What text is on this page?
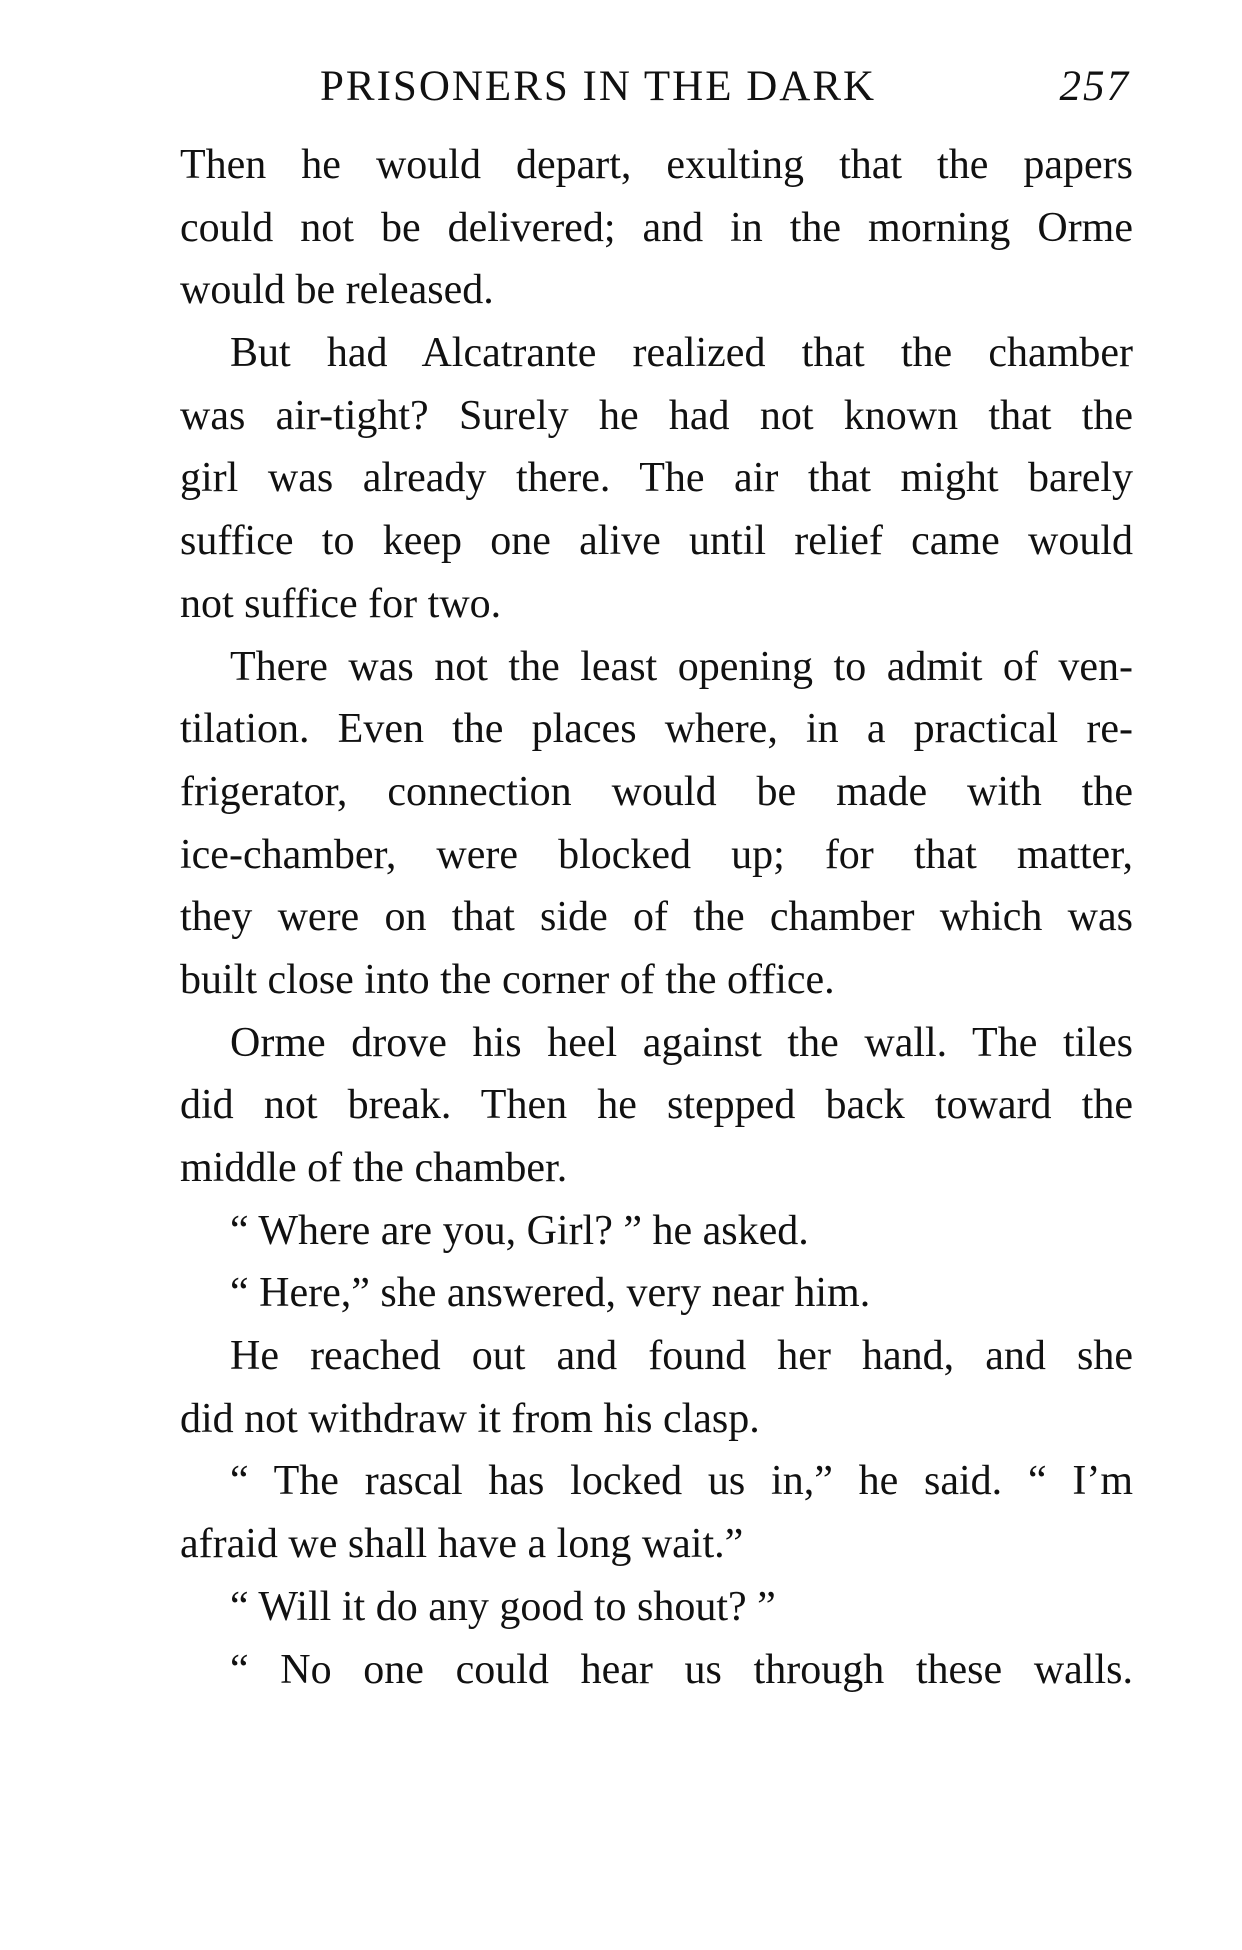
PRISONERS IN THE DARK	257
Then he would depart, exulting that the papers
could not be delivered; and in the morning Orme
would be released.
But had Alcatrante realized that the chamber
was air-tight? Surely he had not known that the
girl was already there. The air that might barely
suffice to keep one alive until relief came would
not suffice for two.
There was not the least opening to admit of ven-
tilation. Even the places where, in a practical re-
frigerator, connection would be made with the
ice-chamber, were blocked up; for that matter,
they were on that side of the chamber which was
built close into the corner of the office.
Orme drove his heel against the wall. The tiles
did not break. Then he stepped back toward the
middle of the chamber.
“ Where are you, Girl? ” he asked.
“ Here,” she answered, very near him.
He reached out and found her hand, and she
did not withdraw it from his clasp.
“ The rascal has locked us in,” he said. “ I’m
afraid we shall have a long wait.”
“ Will it do any good to shout? ”
“ No one could hear us through these walls.
